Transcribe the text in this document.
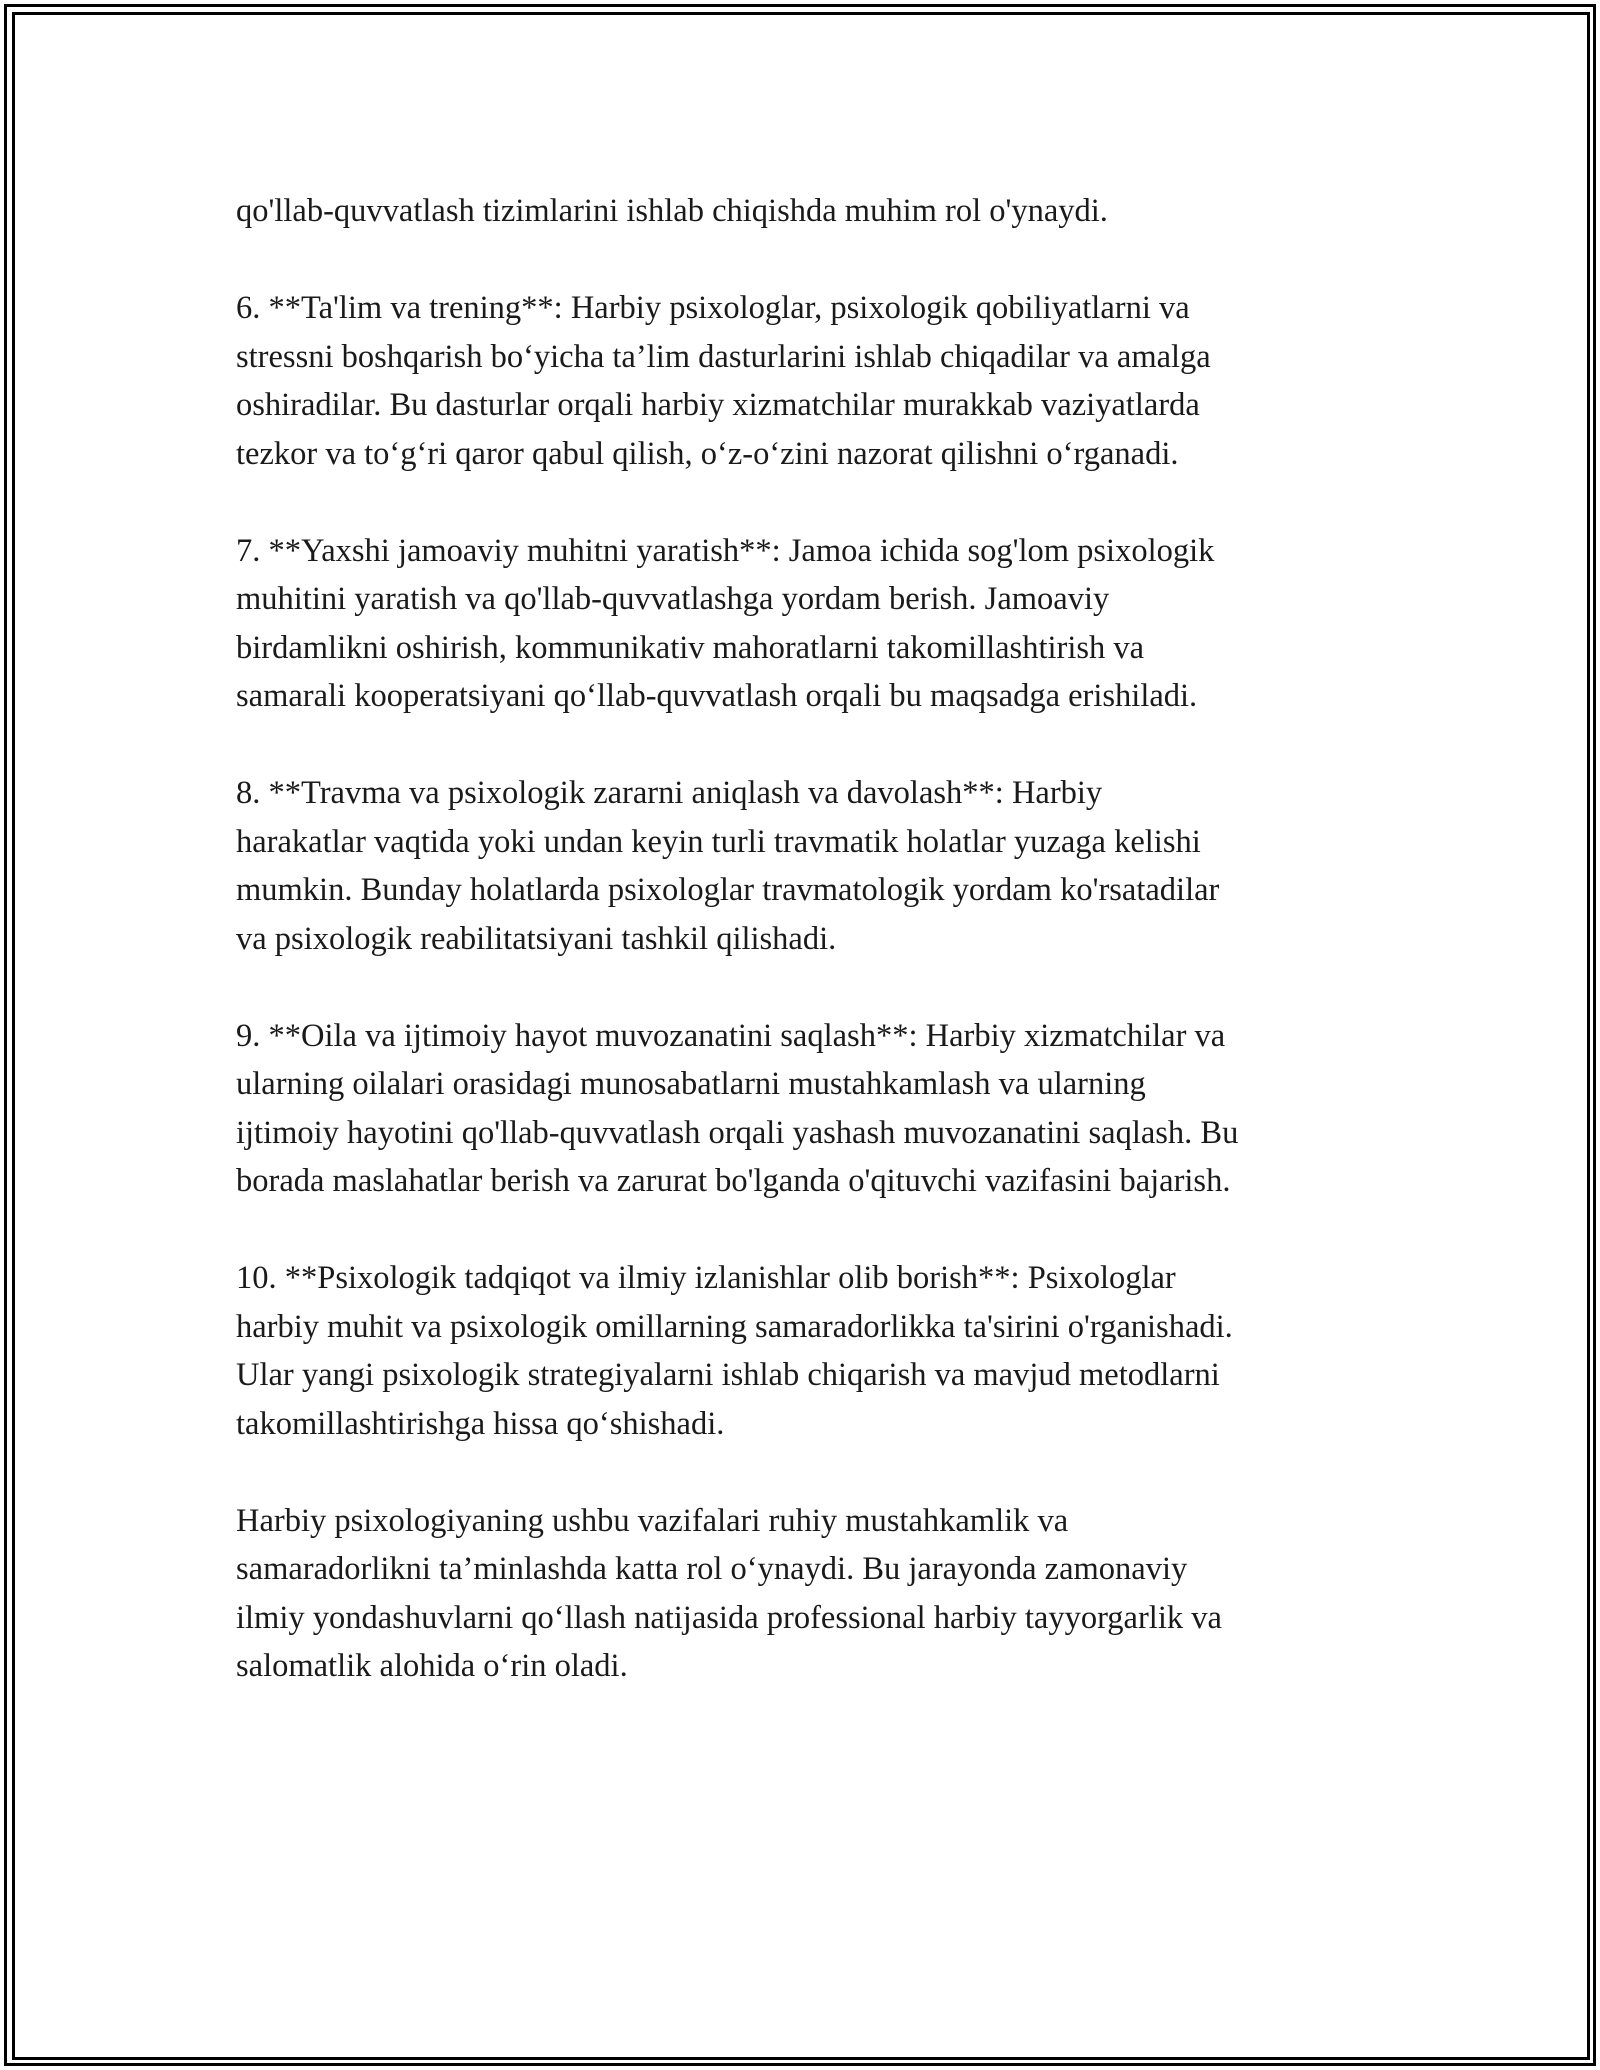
qo'llab-quvvatlash tizimlarini ishlab chiqishda muhim rol o'ynaydi.

6. **Ta'lim va trening**: Harbiy psixologlar, psixologik qobiliyatlarni va
stressni boshqarish bo‘yicha ta’lim dasturlarini ishlab chiqadilar va amalga
oshiradilar. Bu dasturlar orqali harbiy xizmatchilar murakkab vaziyatlarda
tezkor va to‘g‘ri qaror qabul qilish, o‘z-o‘zini nazorat qilishni o‘rganadi.

7. **Yaxshi jamoaviy muhitni yaratish**: Jamoa ichida sog'lom psixologik
muhitini yaratish va qo'llab-quvvatlashga yordam berish. Jamoaviy
birdamlikni oshirish, kommunikativ mahoratlarni takomillashtirish va
samarali kooperatsiyani qo‘llab-quvvatlash orqali bu maqsadga erishiladi.

8. **Travma va psixologik zararni aniqlash va davolash**: Harbiy
harakatlar vaqtida yoki undan keyin turli travmatik holatlar yuzaga kelishi
mumkin. Bunday holatlarda psixologlar travmatologik yordam ko'rsatadilar
va psixologik reabilitatsiyani tashkil qilishadi.

9. **Oila va ijtimoiy hayot muvozanatini saqlash**: Harbiy xizmatchilar va
ularning oilalari orasidagi munosabatlarni mustahkamlash va ularning
ijtimoiy hayotini qo'llab-quvvatlash orqali yashash muvozanatini saqlash. Bu
borada maslahatlar berish va zarurat bo'lganda o'qituvchi vazifasini bajarish.

10. **Psixologik tadqiqot va ilmiy izlanishlar olib borish**: Psixologlar
harbiy muhit va psixologik omillarning samaradorlikka ta'sirini o'rganishadi.
Ular yangi psixologik strategiyalarni ishlab chiqarish va mavjud metodlarni
takomillashtirishga hissa qo‘shishadi.

Harbiy psixologiyaning ushbu vazifalari ruhiy mustahkamlik va
samaradorlikni ta’minlashda katta rol o‘ynaydi. Bu jarayonda zamonaviy
ilmiy yondashuvlarni qo‘llash natijasida professional harbiy tayyorgarlik va
salomatlik alohida o‘rin oladi.
